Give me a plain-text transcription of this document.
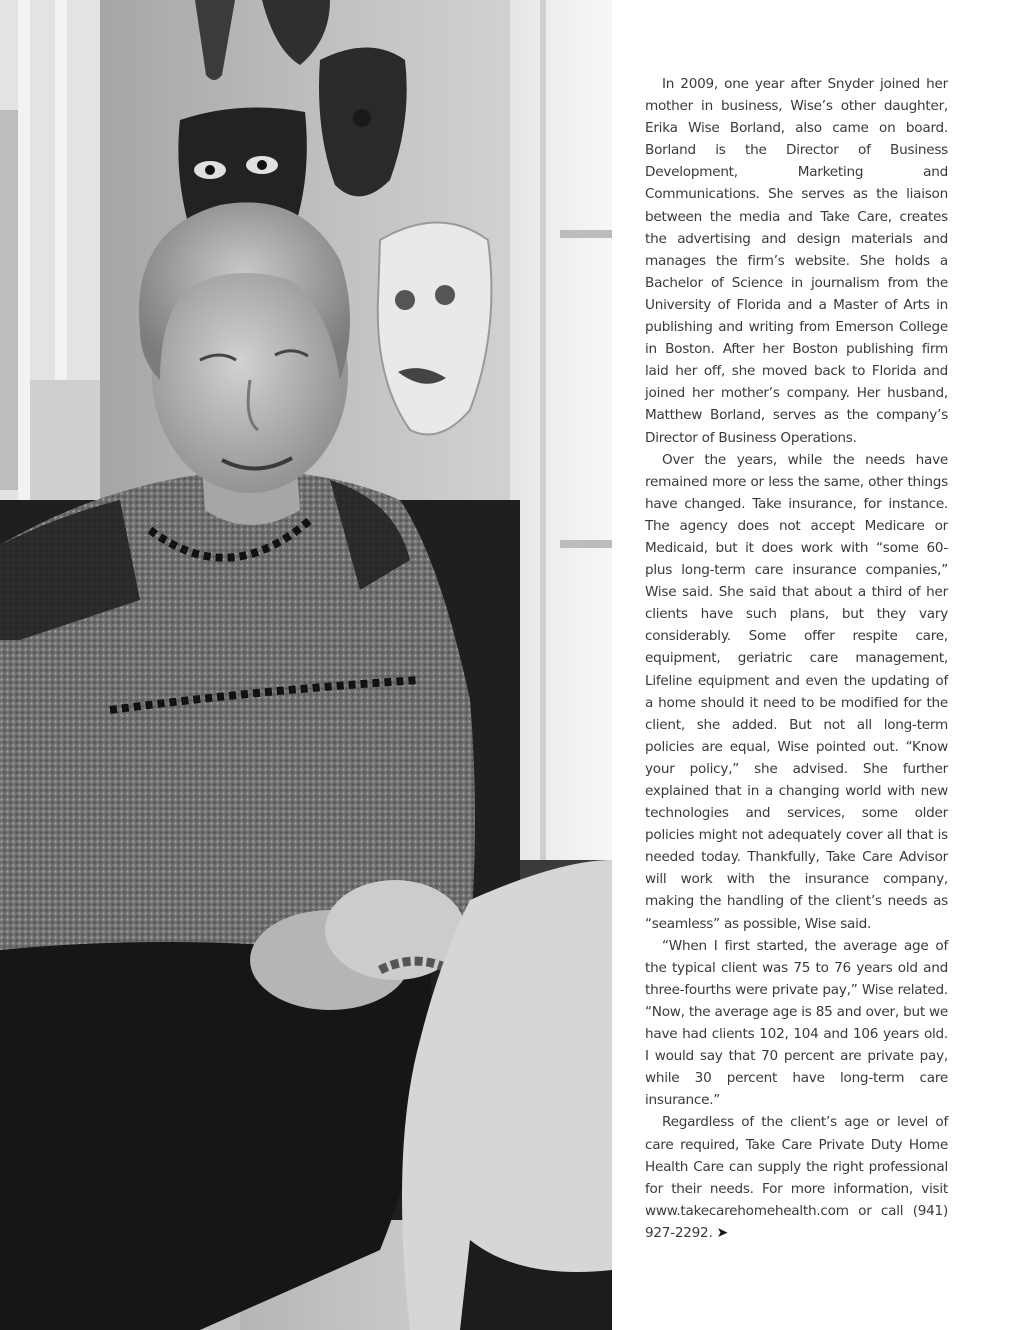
In 2009, one year after Snyder joined her mother in business, Wise’s other daughter, Erika Wise Borland, also came on board. Borland is the Director of Business Development, Marketing and Communications. She serves as the liaison between the media and Take Care, creates the advertising and design materials and manages the firm’s website. She holds a Bachelor of Science in journalism from the University of Florida and a Master of Arts in publishing and writing from Emerson College in Boston. After her Boston publishing firm laid her off, she moved back to Florida and joined her mother’s company. Her husband, Matthew Borland, serves as the company’s Director of Business Operations.

Over the years, while the needs have remained more or less the same, other things have changed. Take insurance, for instance. The agency does not accept Medicare or Medicaid, but it does work with “some 60-plus long-term care insurance companies,” Wise said. She said that about a third of her clients have such plans, but they vary considerably. Some offer respite care, equipment, geriatric care management, Lifeline equipment and even the updating of a home should it need to be modified for the client, she added. But not all long-term policies are equal, Wise pointed out. “Know your policy,” she advised. She further explained that in a changing world with new technologies and services, some older policies might not adequately cover all that is needed today. Thankfully, Take Care Advisor will work with the insurance company, making the handling of the client’s needs as “seamless” as possible, Wise said.

“When I first started, the average age of the typical client was 75 to 76 years old and three-fourths were private pay,” Wise related. “Now, the average age is 85 and over, but we have had clients 102, 104 and 106 years old. I would say that 70 percent are private pay, while 30 percent have long-term care insurance.”

Regardless of the client’s age or level of care required, Take Care Private Duty Home Health Care can supply the right professional for their needs. For more information, visit www.takecarehomehealth.com or call (941) 927-2292. ➤
